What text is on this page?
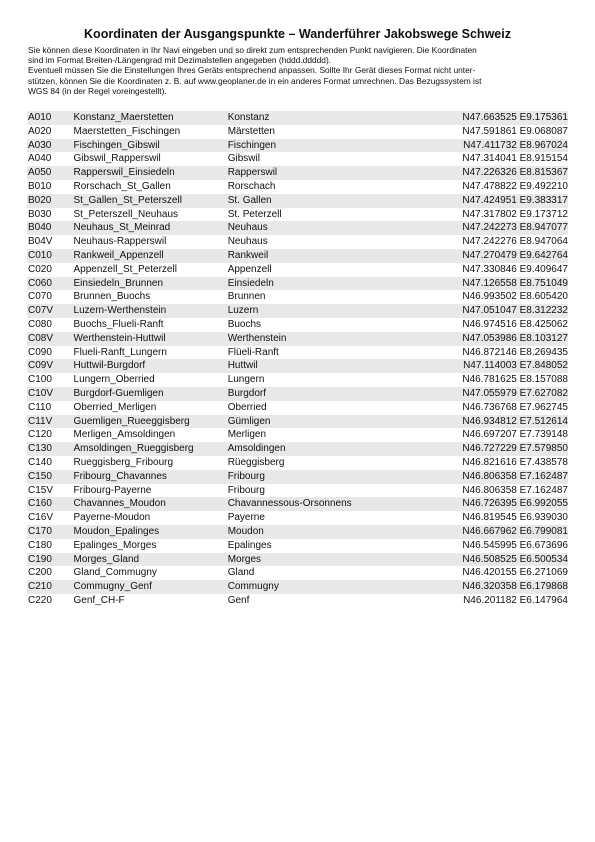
Koordinaten der Ausgangspunkte – Wanderführer Jakobswege Schweiz

Sie können diese Koordinaten in Ihr Navi eingeben und so direkt zum entsprechenden Punkt navigieren. Die Koordinaten
sind im Format Breiten-/Längengrad mit Dezimalstellen angegeben (hddd.ddddd).

Eventuell müssen Sie die Einstellungen Ihres Geräts entsprechend anpassen. Sollte Ihr Gerät dieses Format nicht unter-
stützen, können Sie die Koordinaten z. B. auf www.geoplaner.de in ein anderes Format umrechnen. Das Bezugssystem ist
WGS 84 (in der Regel voreingestellt).

A010	Konstanz_Maerstetten	Konstanz	N47.663525 E9.175361
A020	Maerstetten_Fischingen	Märstetten	N47.591861 E9.068087
A030	Fischingen_Gibswil	Fischingen	N47.411732 E8.967024
A040	Gibswil_Rapperswil	Gibswil	N47.314041 E8.915154
A050	Rapperswil_Einsiedeln	Rapperswil	N47.226326 E8.815367
B010	Rorschach_St_Gallen	Rorschach	N47.478822 E9.492210
B020	St_Gallen_St_Peterszell	St. Gallen	N47.424951 E9.383317
B030	St_Peterszell_Neuhaus	St. Peterzell	N47.317802 E9.173712
B040	Neuhaus_St_Meinrad	Neuhaus	N47.242273 E8.947077
B04V	Neuhaus-Rapperswil	Neuhaus	N47.242276 E8.947064
C010	Rankweil_Appenzell	Rankweil	N47.270479 E9.642764
C020	Appenzell_St_Peterzell	Appenzell	N47.330846 E9.409647
C060	Einsiedeln_Brunnen	Einsiedeln	N47.126558 E8.751049
C070	Brunnen_Buochs	Brunnen	N46.993502 E8.605420
C07V	Luzern-Werthenstein	Luzern	N47.051047 E8.312232
C080	Buochs_Flueli-Ranft	Buochs	N46.974516 E8.425062
C08V	Werthenstein-Huttwil	Werthenstein	N47.053986 E8.103127
C090	Flueli-Ranft_Lungern	Flüeli-Ranft	N46.872146 E8.269435
C09V	Huttwil-Burgdorf	Huttwil	N47.114003 E7.848052
C100	Lungern_Oberried	Lungern	N46.781625 E8.157088
C10V	Burgdorf-Guemligen	Burgdorf	N47.055979 E7.627082
C110	Oberried_Merligen	Oberried	N46.736768 E7.962745
C11V	Guemligen_Rueeggisberg	Gümligen	N46.934812 E7.512614
C120	Merligen_Amsoldingen	Merligen	N46.697207 E7.739148
C130	Amsoldingen_Rueggisberg	Amsoldingen	N46.727229 E7.579850
C140	Rueggisberg_Fribourg	Rüeggisberg	N46.821616 E7.438578
C150	Fribourg_Chavannes	Fribourg	N46.806358 E7.162487
C15V	Fribourg-Payerne	Fribourg	N46.806358 E7.162487
C160	Chavannes_Moudon	Chavannessous-Orsonnens	N46.726395 E6.992055
C16V	Payerne-Moudon	Payerne	N46.819545 E6.939030
C170	Moudon_Epalinges	Moudon	N46.667962 E6.799081
C180	Epalinges_Morges	Epalinges	N46.545995 E6.673696
C190	Morges_Gland	Morges	N46.508525 E6.500534
C200	Gland_Commugny	Gland	N46.420155 E6.271069
C210	Commugny_Genf	Commugny	N46.320358 E6.179868
C220	Genf_CH-F	Genf	N46.201182 E6.147964
